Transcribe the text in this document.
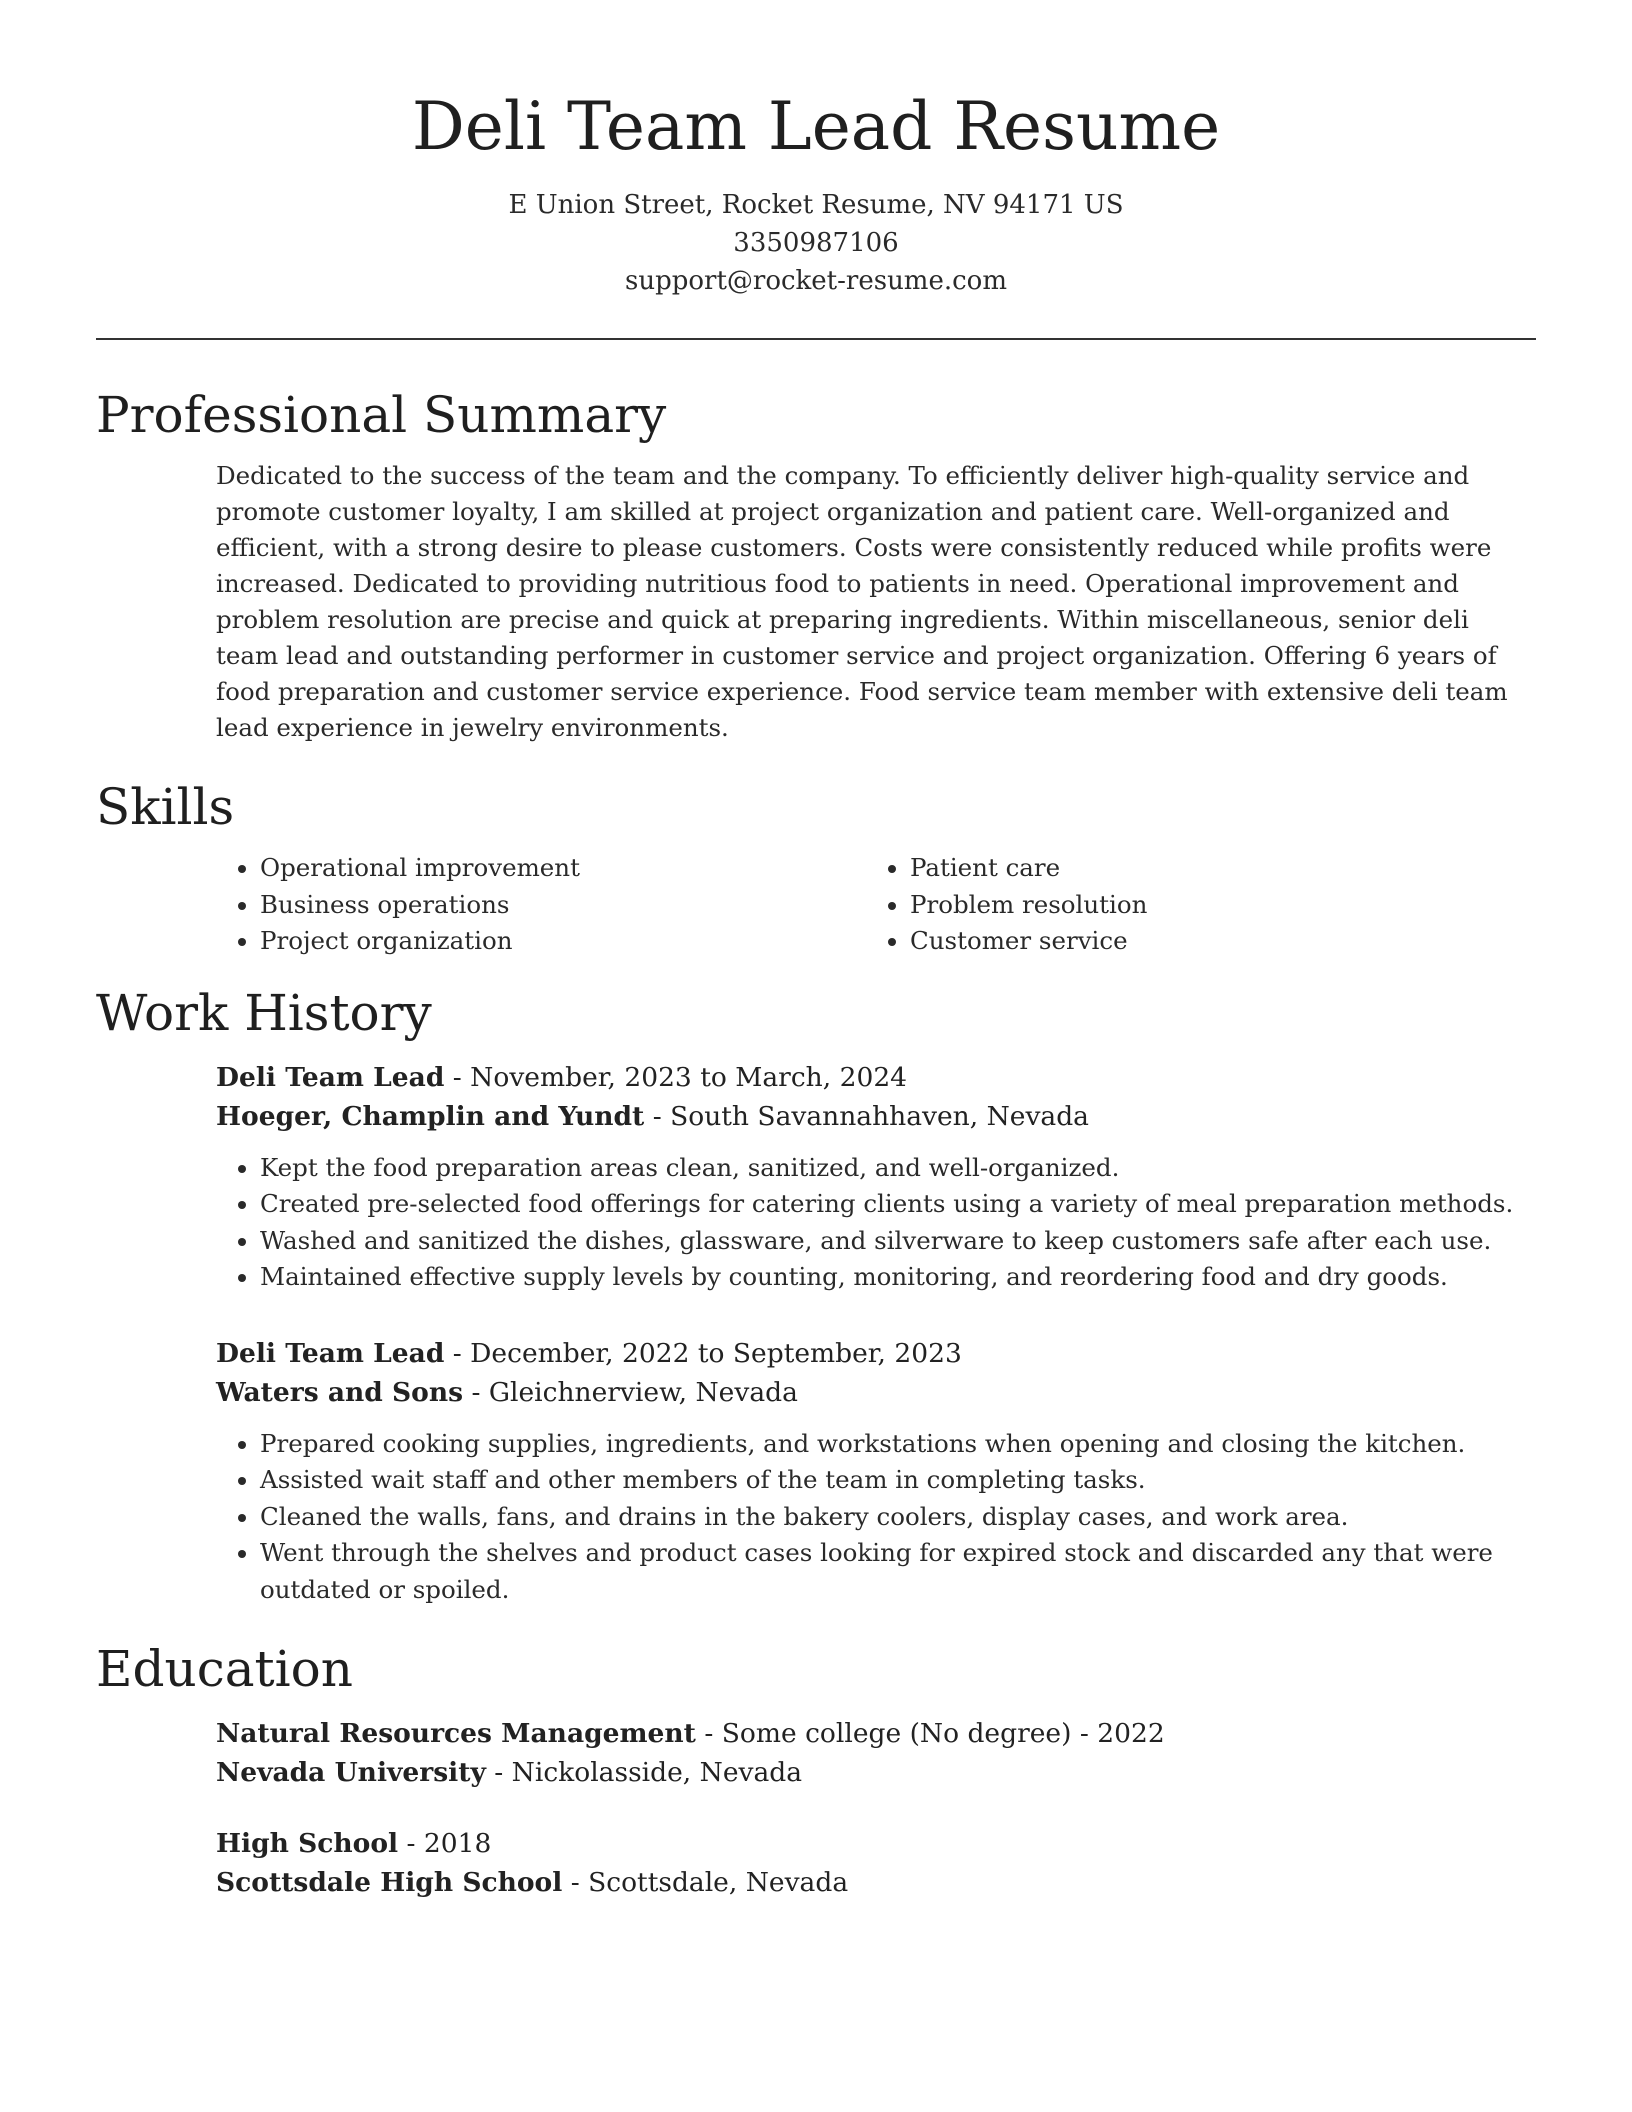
Deli Team Lead Resume
E Union Street, Rocket Resume, NV 94171 US
3350987106
support@rocket-resume.com
Professional Summary
Dedicated to the success of the team and the company. To efficiently deliver high-quality service and promote customer loyalty, I am skilled at project organization and patient care. Well-organized and efficient, with a strong desire to please customers. Costs were consistently reduced while profits were increased. Dedicated to providing nutritious food to patients in need. Operational improvement and problem resolution are precise and quick at preparing ingredients. Within miscellaneous, senior deli team lead and outstanding performer in customer service and project organization. Offering 6 years of food preparation and customer service experience. Food service team member with extensive deli team lead experience in jewelry environments.
Skills
• Operational improvement
• Business operations
• Project organization
• Patient care
• Problem resolution
• Customer service
Work History
Deli Team Lead - November, 2023 to March, 2024
Hoeger, Champlin and Yundt - South Savannahhaven, Nevada
• Kept the food preparation areas clean, sanitized, and well-organized.
• Created pre-selected food offerings for catering clients using a variety of meal preparation methods.
• Washed and sanitized the dishes, glassware, and silverware to keep customers safe after each use.
• Maintained effective supply levels by counting, monitoring, and reordering food and dry goods.
Deli Team Lead - December, 2022 to September, 2023
Waters and Sons - Gleichnerview, Nevada
• Prepared cooking supplies, ingredients, and workstations when opening and closing the kitchen.
• Assisted wait staff and other members of the team in completing tasks.
• Cleaned the walls, fans, and drains in the bakery coolers, display cases, and work area.
• Went through the shelves and product cases looking for expired stock and discarded any that were outdated or spoiled.
Education
Natural Resources Management - Some college (No degree) - 2022
Nevada University - Nickolasside, Nevada
High School - 2018
Scottsdale High School - Scottsdale, Nevada
